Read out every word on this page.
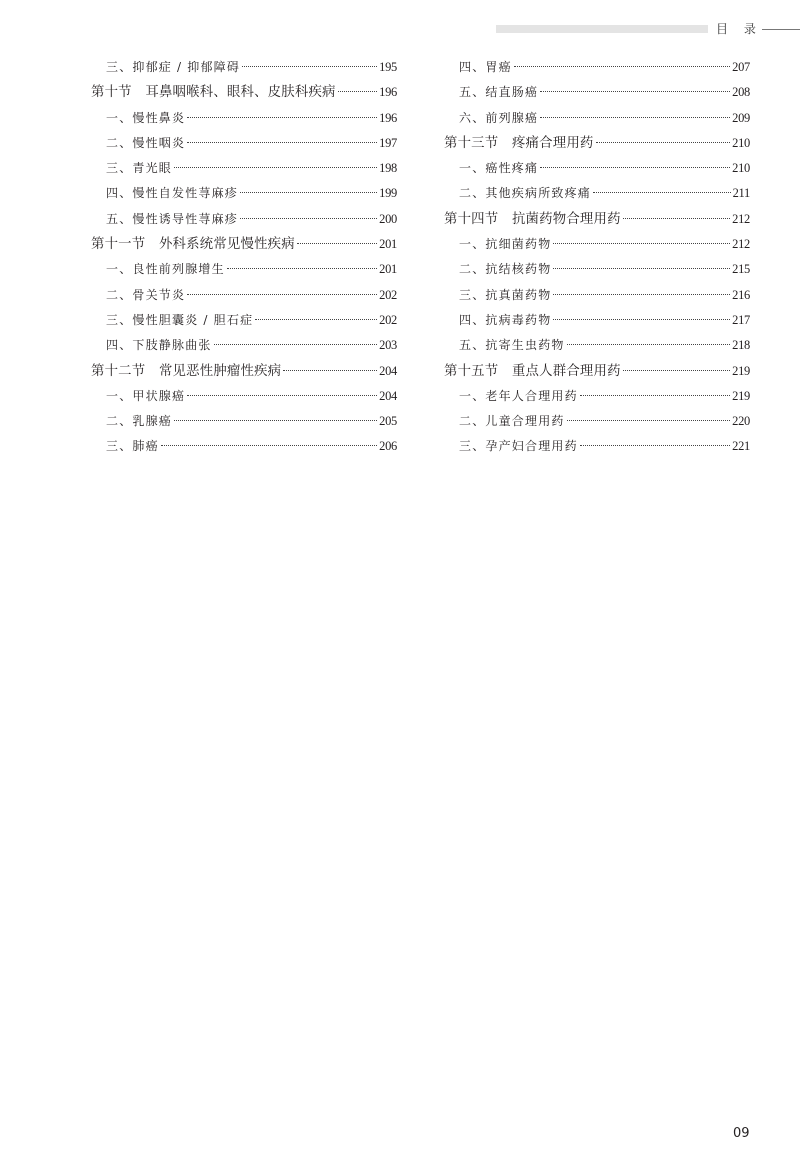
目 录
三、抑郁症 / 抑郁障碍	195
第十节　耳鼻咽喉科、眼科、皮肤科疾病	196
一、慢性鼻炎	196
二、慢性咽炎	197
三、青光眼	198
四、慢性自发性荨麻疹	199
五、慢性诱导性荨麻疹	200
第十一节　外科系统常见慢性疾病	201
一、良性前列腺增生	201
二、骨关节炎	202
三、慢性胆囊炎 / 胆石症	202
四、下肢静脉曲张	203
第十二节　常见恶性肿瘤性疾病	204
一、甲状腺癌	204
二、乳腺癌	205
三、肺癌	206
四、胃癌	207
五、结直肠癌	208
六、前列腺癌	209
第十三节　疼痛合理用药	210
一、癌性疼痛	210
二、其他疾病所致疼痛	211
第十四节　抗菌药物合理用药	212
一、抗细菌药物	212
二、抗结核药物	215
三、抗真菌药物	216
四、抗病毒药物	217
五、抗寄生虫药物	218
第十五节　重点人群合理用药	219
一、老年人合理用药	219
二、儿童合理用药	220
三、孕产妇合理用药	221
09
